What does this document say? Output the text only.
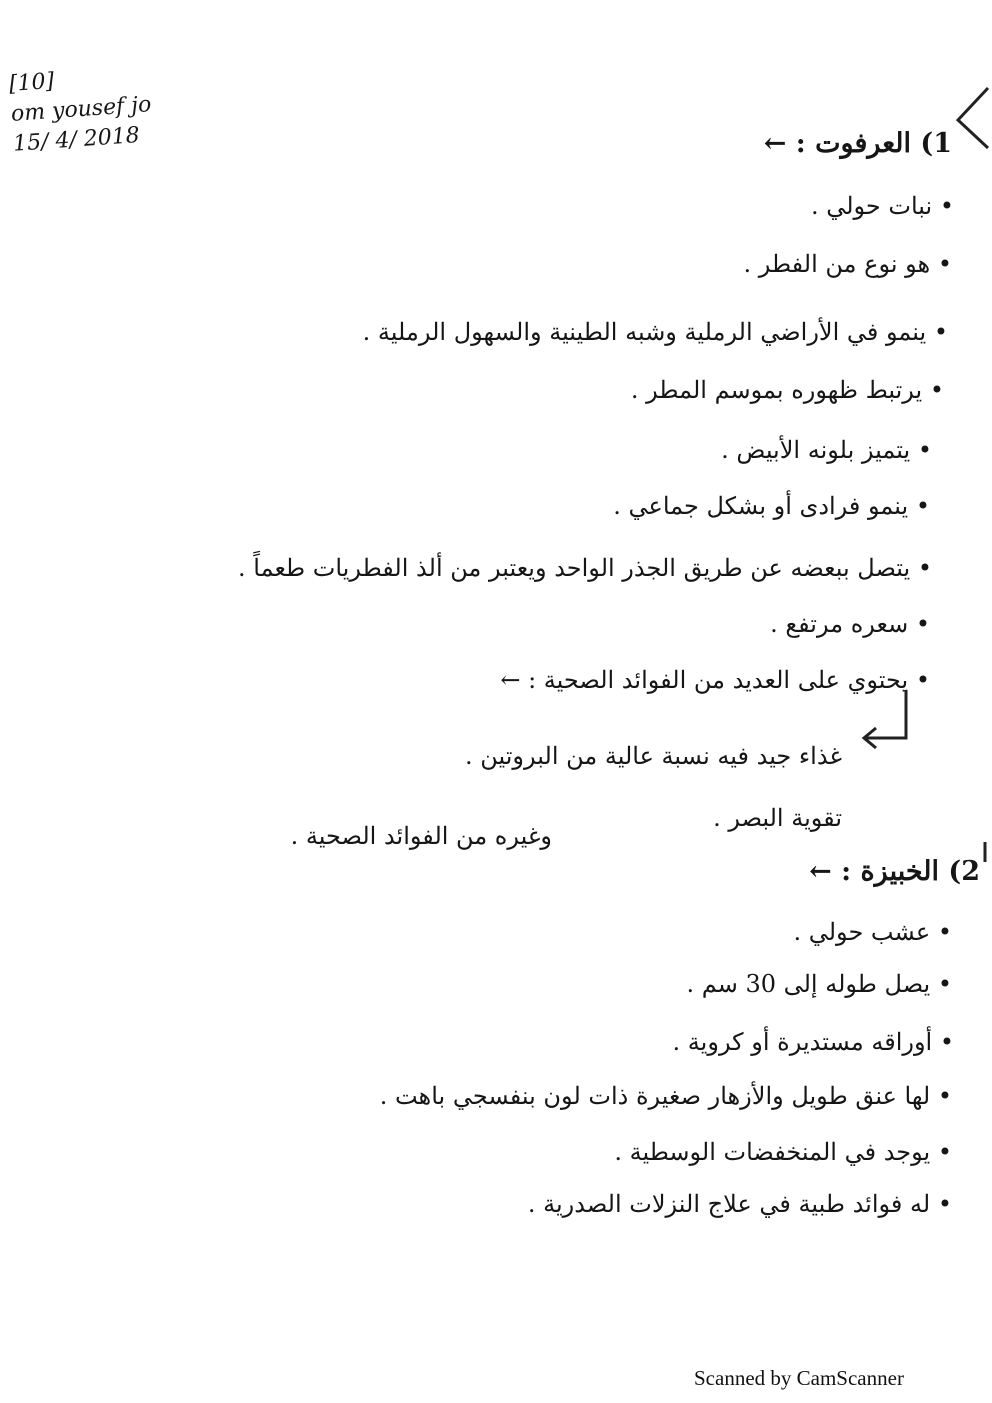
[10]
om yousef jo
15/ 4/ 2018	1) العرفوت : ←
• نبات حولي .
• هو نوع من الفطر .
• ينمو في الأراضي الرملية وشبه الطينية والسهول الرملية .
• يرتبط ظهوره بموسم المطر .
• يتميز بلونه الأبيض .
• ينمو فرادى أو بشكل جماعي .
• يتصل ببعضه عن طريق الجذر الواحد ويعتبر من ألذ الفطريات طعماً .
• سعره مرتفع .
• يحتوي على العديد من الفوائد الصحية : ←
غذاء جيد فيه نسبة عالية من البروتين .
تقوية البصر .
وغيره من الفوائد الصحية .
2) الخبيزة : ←
• عشب حولي .
• يصل طوله إلى 30 سم .
• أوراقه مستديرة أو كروية .
• لها عنق طويل والأزهار صغيرة ذات لون بنفسجي باهت .
• يوجد في المنخفضات الوسطية .
• له فوائد طبية في علاج النزلات الصدرية .
Scanned by CamScanner
